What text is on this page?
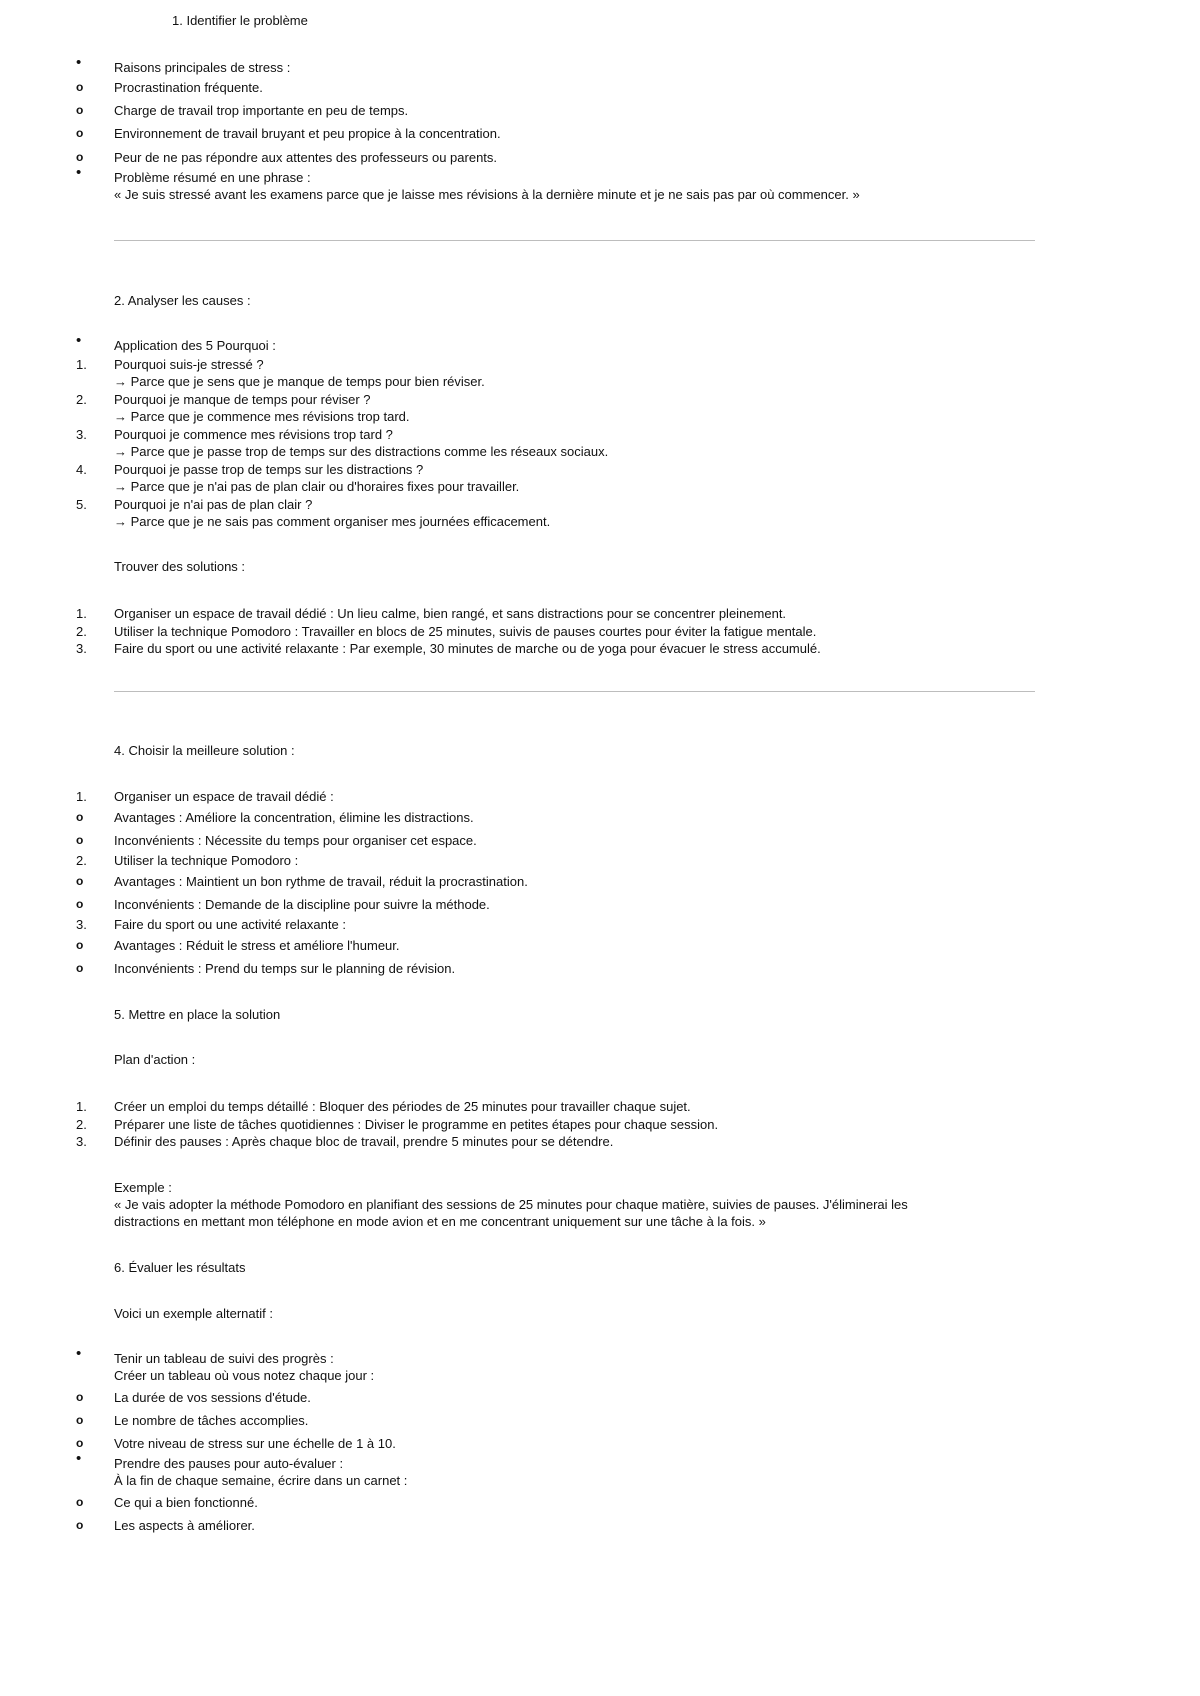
1. Identifier le problème
•	Raisons principales de stress :
o	Procrastination fréquente.
o	Charge de travail trop importante en peu de temps.
o	Environnement de travail bruyant et peu propice à la concentration.
o	Peur de ne pas répondre aux attentes des professeurs ou parents.
•	Problème résumé en une phrase :
« Je suis stressé avant les examens parce que je laisse mes révisions à la dernière minute et je ne sais pas par où commencer. »
2. Analyser les causes :
•	Application des 5 Pourquoi :
1.	Pourquoi suis-je stressé ?
→ Parce que je sens que je manque de temps pour bien réviser.
2.	Pourquoi je manque de temps pour réviser ?
→ Parce que je commence mes révisions trop tard.
3.	Pourquoi je commence mes révisions trop tard ?
→ Parce que je passe trop de temps sur des distractions comme les réseaux sociaux.
4.	Pourquoi je passe trop de temps sur les distractions ?
→ Parce que je n'ai pas de plan clair ou d'horaires fixes pour travailler.
5.	Pourquoi je n'ai pas de plan clair ?
→ Parce que je ne sais pas comment organiser mes journées efficacement.
Trouver des solutions :
1.	Organiser un espace de travail dédié : Un lieu calme, bien rangé, et sans distractions pour se concentrer pleinement.
2.	Utiliser la technique Pomodoro : Travailler en blocs de 25 minutes, suivis de pauses courtes pour éviter la fatigue mentale.
3.	Faire du sport ou une activité relaxante : Par exemple, 30 minutes de marche ou de yoga pour évacuer le stress accumulé.
4. Choisir la meilleure solution :
1.	Organiser un espace de travail dédié :
o	Avantages : Améliore la concentration, élimine les distractions.
o	Inconvénients : Nécessite du temps pour organiser cet espace.
2.	Utiliser la technique Pomodoro :
o	Avantages : Maintient un bon rythme de travail, réduit la procrastination.
o	Inconvénients : Demande de la discipline pour suivre la méthode.
3.	Faire du sport ou une activité relaxante :
o	Avantages : Réduit le stress et améliore l'humeur.
o	Inconvénients : Prend du temps sur le planning de révision.
5. Mettre en place la solution
Plan d'action :
1.	Créer un emploi du temps détaillé : Bloquer des périodes de 25 minutes pour travailler chaque sujet.
2.	Préparer une liste de tâches quotidiennes : Diviser le programme en petites étapes pour chaque session.
3.	Définir des pauses : Après chaque bloc de travail, prendre 5 minutes pour se détendre.
Exemple :
« Je vais adopter la méthode Pomodoro en planifiant des sessions de 25 minutes pour chaque matière, suivies de pauses. J'éliminerai les
distractions en mettant mon téléphone en mode avion et en me concentrant uniquement sur une tâche à la fois. »
6. Évaluer les résultats
Voici un exemple alternatif :
•	Tenir un tableau de suivi des progrès :
Créer un tableau où vous notez chaque jour :
o	La durée de vos sessions d'étude.
o	Le nombre de tâches accomplies.
o	Votre niveau de stress sur une échelle de 1 à 10.
•	Prendre des pauses pour auto-évaluer :
À la fin de chaque semaine, écrire dans un carnet :
o	Ce qui a bien fonctionné.
o	Les aspects à améliorer.
